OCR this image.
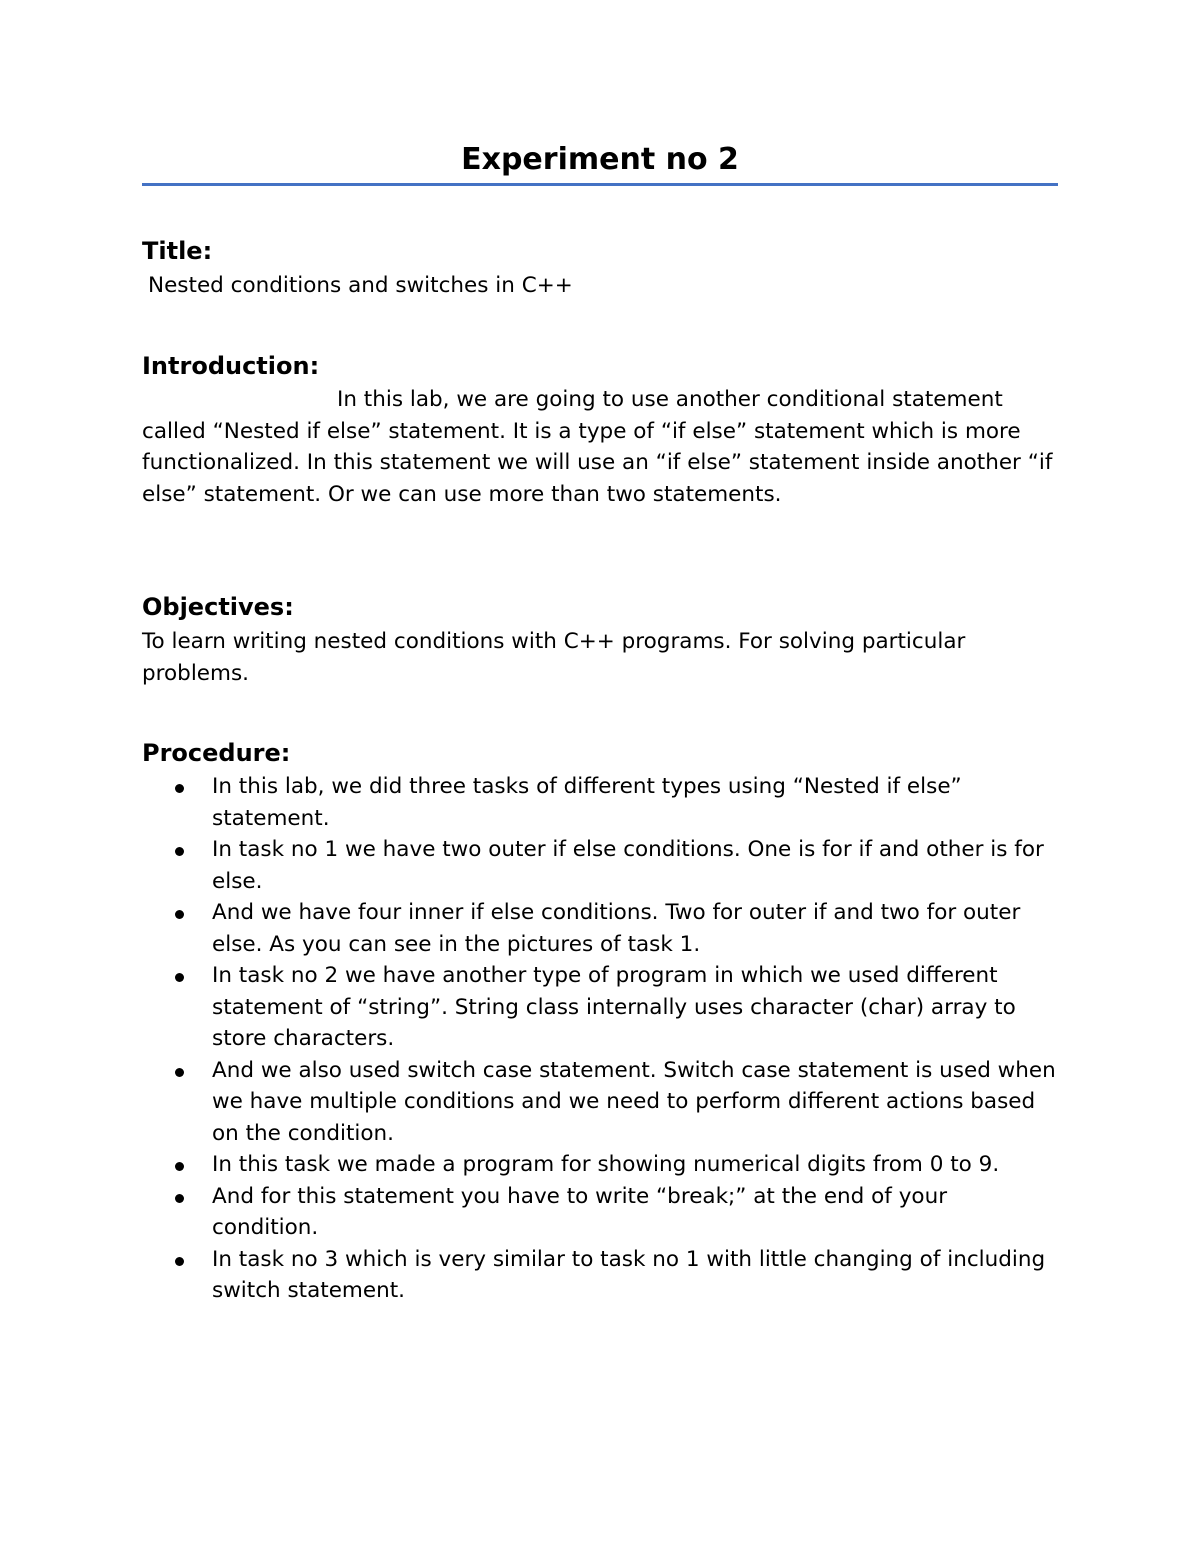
Experiment no 2
Title:

Nested conditions and switches in C++

Introduction:

In this lab, we are going to use another conditional statement called “Nested if else” statement. It is a type of “if else” statement which is more functionalized. In this statement we will use an “if else” statement inside another “if else” statement. Or we can use more than two statements.

Objectives:

To learn writing nested conditions with C++ programs. For solving particular problems.

Procedure:
In this lab, we did three tasks of different types using “Nested if else” statement.
In task no 1 we have two outer if else conditions. One is for if and other is for else.
And we have four inner if else conditions. Two for outer if and two for outer else. As you can see in the pictures of task 1.
In task no 2 we have another type of program in which we used different statement of “string”. String class internally uses character (char) array to store characters.
And we also used switch case statement. Switch case statement is used when we have multiple conditions and we need to perform different actions based on the condition.
In this task we made a program for showing numerical digits from 0 to 9.
And for this statement you have to write “break;” at the end of your condition.
In task no 3 which is very similar to task no 1 with little changing of including switch statement.
